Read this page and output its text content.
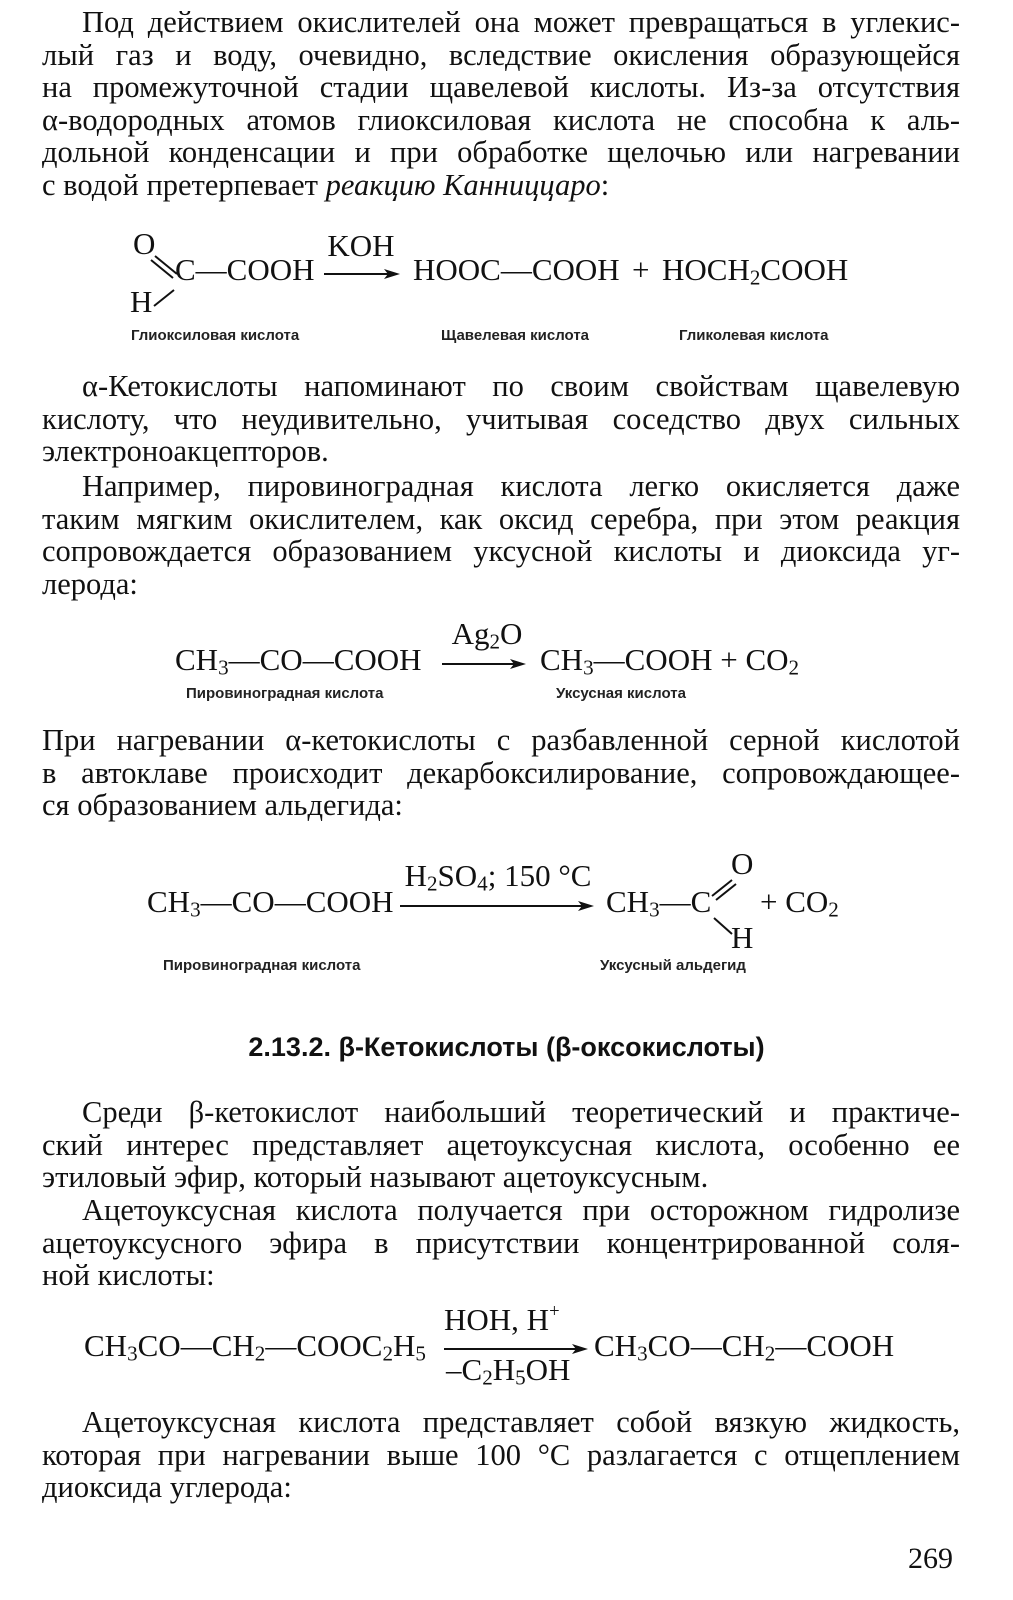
Под действием окислителей она может превращаться в углекис-
лый газ и воду, очевидно, вследствие окисления образующейся
на промежуточной стадии щавелевой кислоты. Из-за отсутствия
α-водородных атомов глиоксиловая кислота не способна к аль-
дольной конденсации и при обработке щелочью или нагревании
с водой претерпевает реакцию Канниццаро:
O
C—COOH
H
KOH
HOOC—COOH + $HOCH_2COOH$
Глиоксиловая кислота	Щавелевая кислота	Гликолевая кислота
α-Кетокислоты напоминают по своим свойствам щавелевую
кислоту, что неудивительно, учитывая соседство двух сильных
электроноакцепторов.
Например, пировиноградная кислота легко окисляется даже
таким мягким окислителем, как оксид серебра, при этом реакция
сопровождается образованием уксусной кислоты и диоксида уг-
лерода:
$CH_3—CO—COOH$
$Ag_2O$
$CH_3—COOH + CO_2$
Пировиноградная кислота	Уксусная кислота
При нагревании α-кетокислоты с разбавленной серной кислотой
в автоклаве происходит декарбоксилирование, сопровождающее-
ся образованием альдегида:
$CH_3—CO—COOH$
$H_2SO_4$; 150 °C
$CH_3—C$
O
H
+ $CO_2$
Пировиноградная кислота	Уксусный альдегид
2.13.2. β-Кетокислоты (β-оксокислоты)
Среди β-кетокислот наибольший теоретический и практиче-
ский интерес представляет ацетоуксусная кислота, особенно ее
этиловый эфир, который называют ацетоуксусным.
Ацетоуксусная кислота получается при осторожном гидролизе
ацетоуксусного эфира в присутствии концентрированной соля-
ной кислоты:
$CH_3CO—CH_2—COOC_2H_5$
HOH, H+
$-C_2H_5OH$
$CH_3CO—CH_2—COOH$
Ацетоуксусная кислота представляет собой вязкую жидкость,
которая при нагревании выше 100 °C разлагается с отщеплением
диоксида углерода:
269
